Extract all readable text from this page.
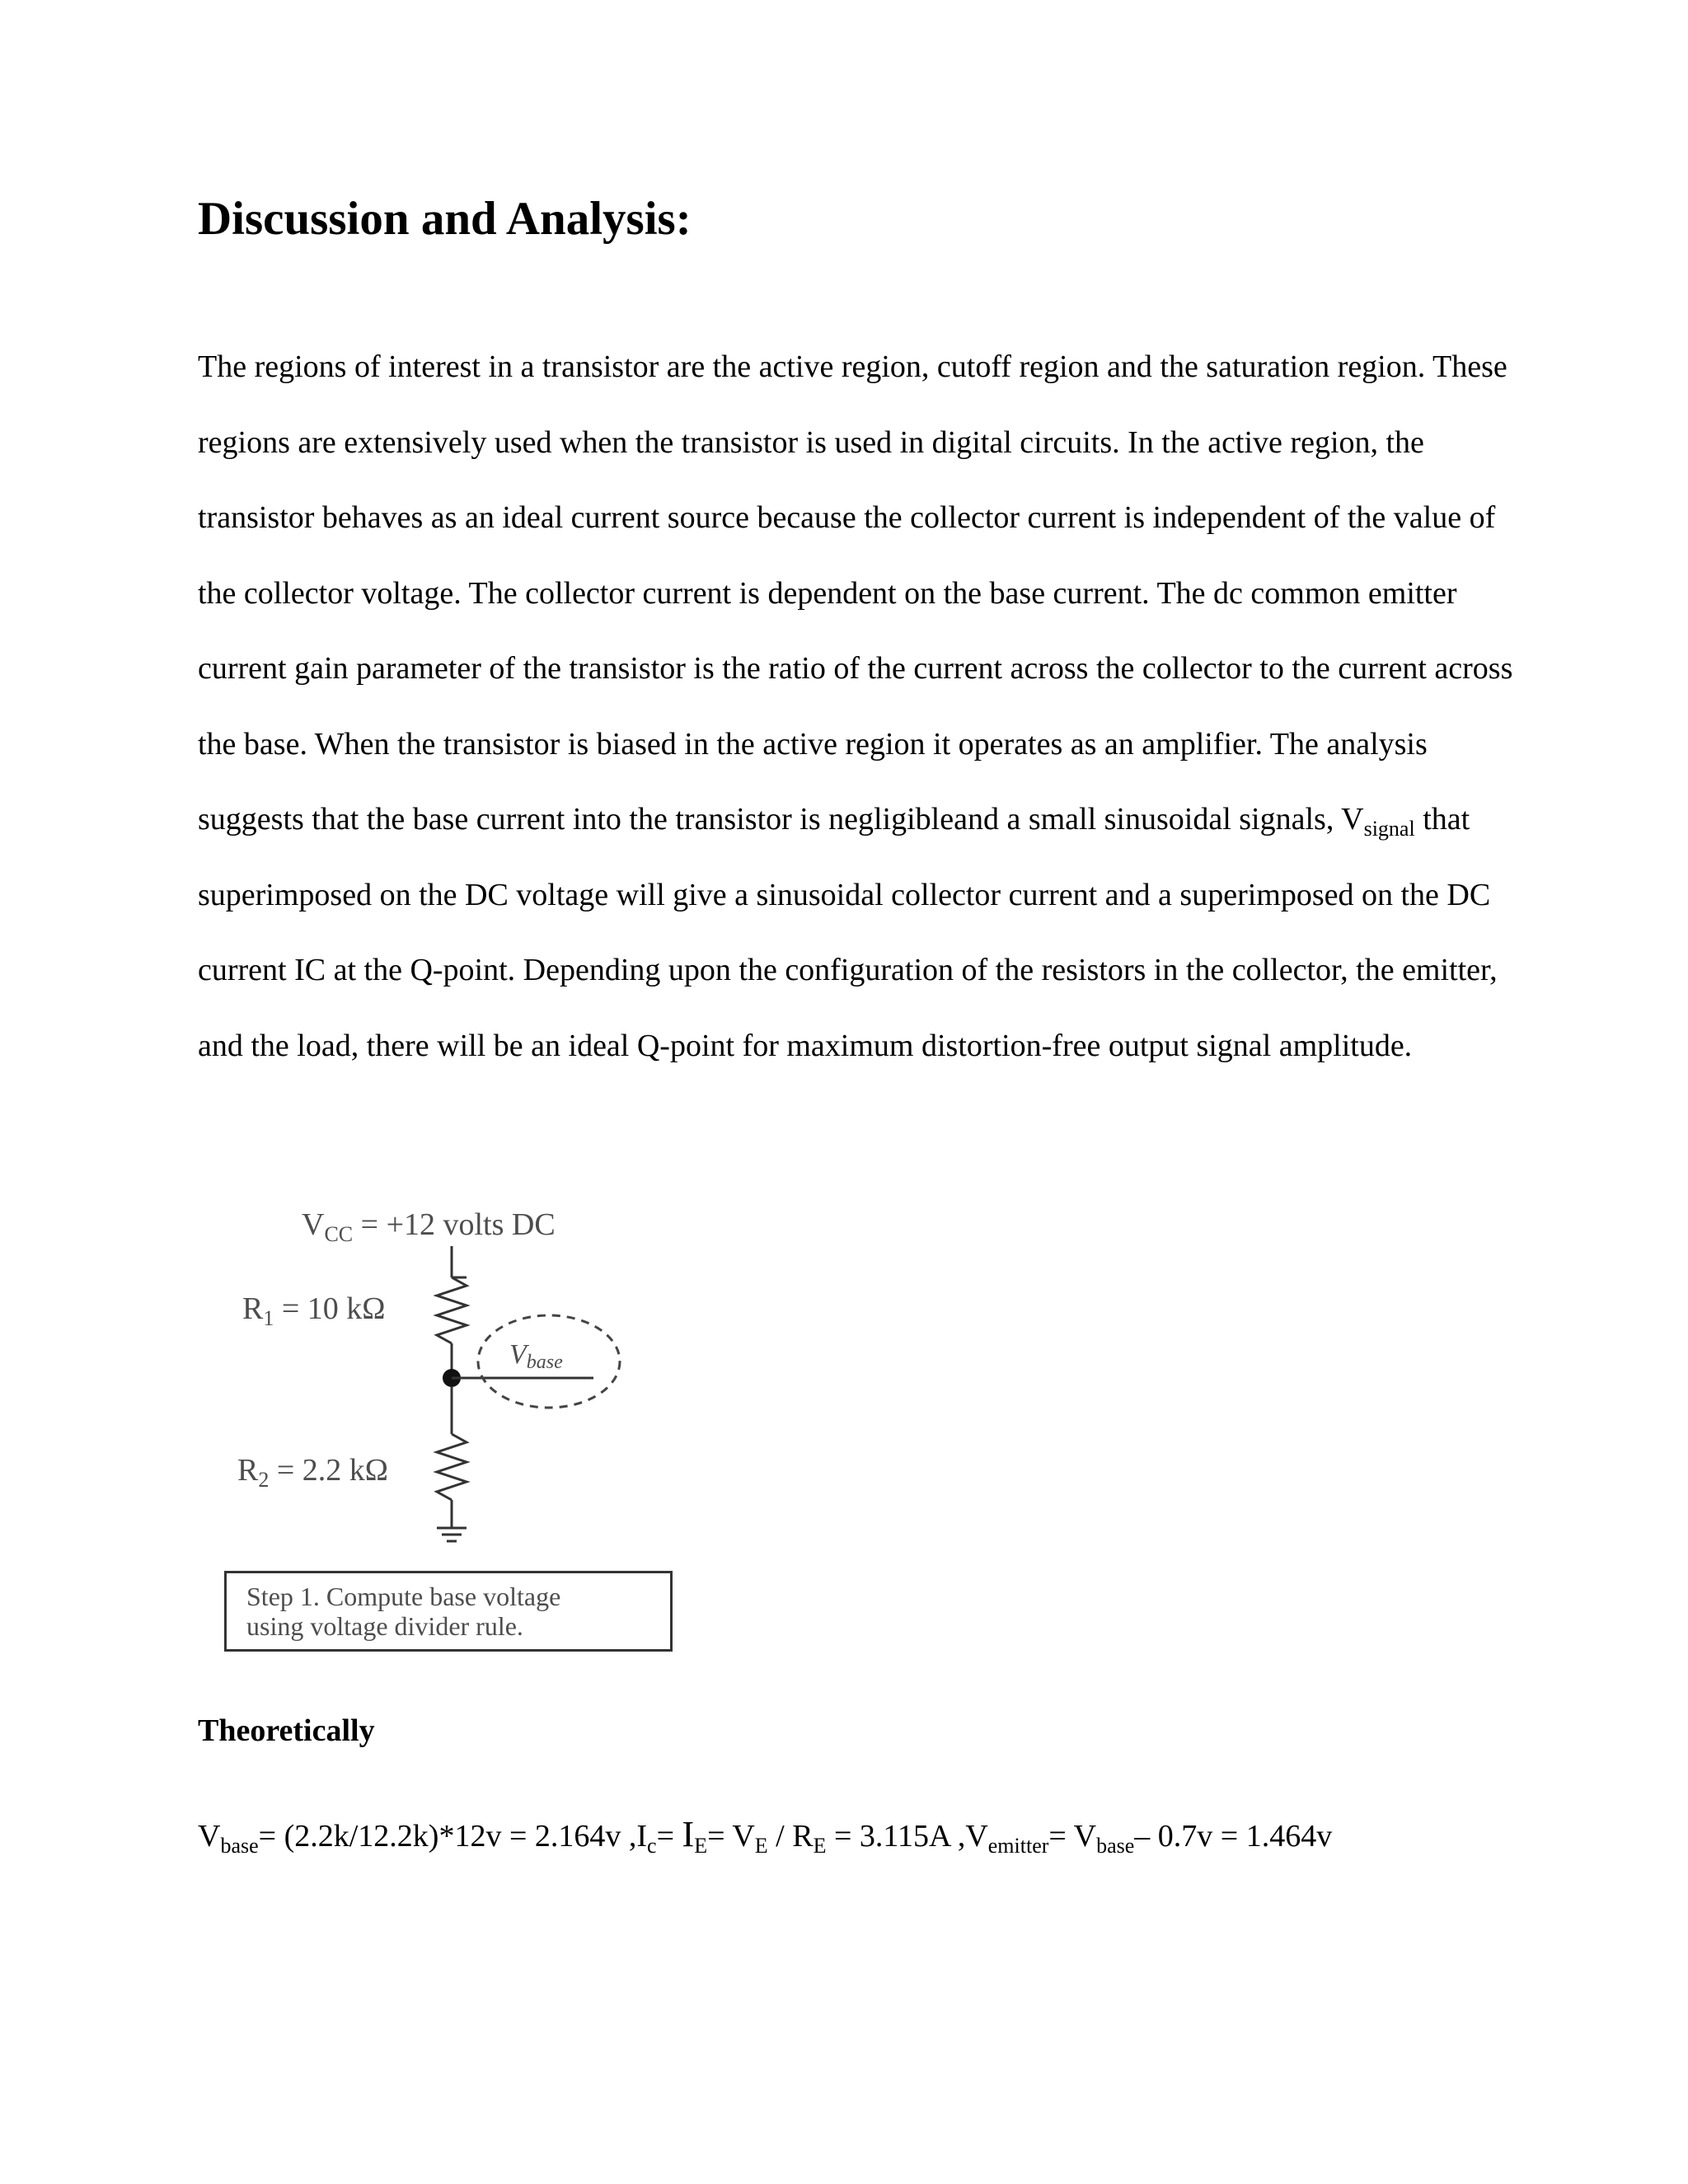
Discussion and Analysis:

The regions of interest in a transistor are the active region, cutoff region and the saturation region. These regions are extensively used when the transistor is used in digital circuits. In the active region, the transistor behaves as an ideal current source because the collector current is independent of the value of the collector voltage. The collector current is dependent on the base current. The dc common emitter current gain parameter of the transistor is the ratio of the current across the collector to the current across the base. When the transistor is biased in the active region it operates as an amplifier. The analysis suggests that the base current into the transistor is negligibleand a small sinusoidal signals, $V_{signal}$ that superimposed on the DC voltage will give a sinusoidal collector current and a superimposed on the DC current IC at the Q-point. Depending upon the configuration of the resistors in the collector, the emitter, and the load, there will be an ideal Q-point for maximum distortion-free output signal amplitude.

$V_{CC} = +12$ volts DC
$R_1 = 10$ kΩ
Vbase
$R_2 = 2.2$ kΩ
Step 1. Compute base voltage
using voltage divider rule.
Theoretically

$V_{base}= (2.2k/12.2k)*12v = 2.164v$ $,I_c= I_E= V_E / R_E = 3.115A$ $,V_{emitter}= V_{base}-$ 0.7v = 1.464v
